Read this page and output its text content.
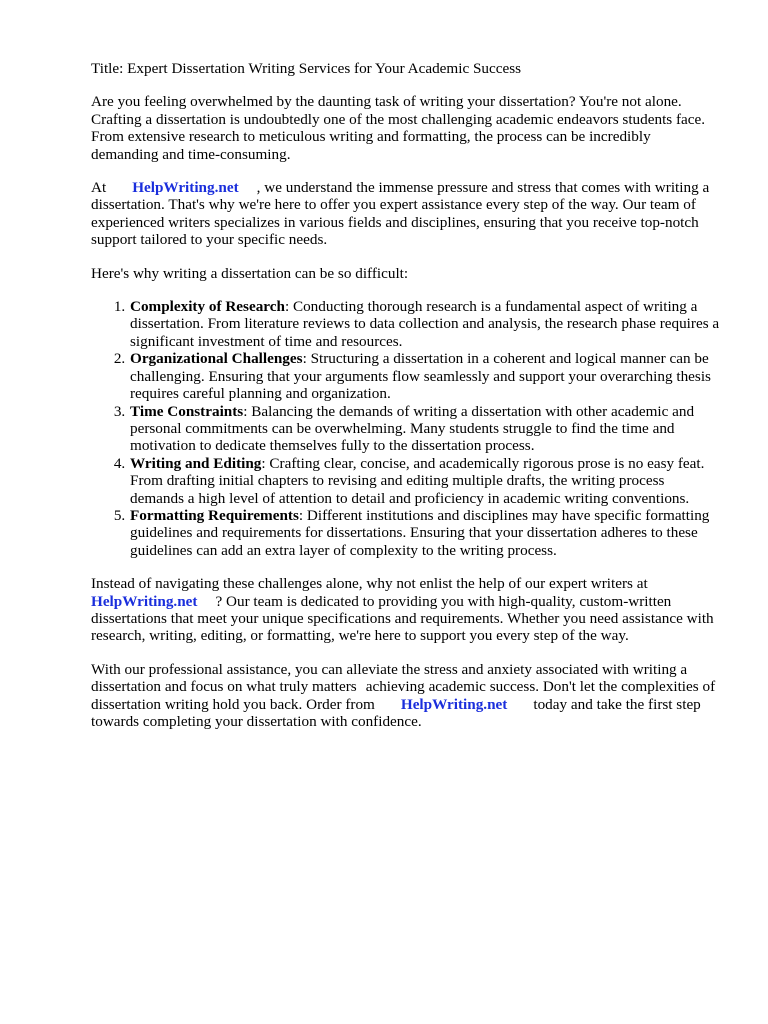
Title: Expert Dissertation Writing Services for Your Academic Success

Are you feeling overwhelmed by the daunting task of writing your dissertation? You're not alone. Crafting a dissertation is undoubtedly one of the most challenging academic endeavors students face. From extensive research to meticulous writing and formatting, the process can be incredibly demanding and time-consuming.

At HelpWriting.net , we understand the immense pressure and stress that comes with writing a dissertation. That's why we're here to offer you expert assistance every step of the way. Our team of experienced writers specializes in various fields and disciplines, ensuring that you receive top-notch support tailored to your specific needs.

Here's why writing a dissertation can be so difficult:

1. Complexity of Research: Conducting thorough research is a fundamental aspect of writing a dissertation. From literature reviews to data collection and analysis, the research phase requires a significant investment of time and resources.
2. Organizational Challenges: Structuring a dissertation in a coherent and logical manner can be challenging. Ensuring that your arguments flow seamlessly and support your overarching thesis requires careful planning and organization.
3. Time Constraints: Balancing the demands of writing a dissertation with other academic and personal commitments can be overwhelming. Many students struggle to find the time and motivation to dedicate themselves fully to the dissertation process.
4. Writing and Editing: Crafting clear, concise, and academically rigorous prose is no easy feat. From drafting initial chapters to revising and editing multiple drafts, the writing process demands a high level of attention to detail and proficiency in academic writing conventions.
5. Formatting Requirements: Different institutions and disciplines may have specific formatting guidelines and requirements for dissertations. Ensuring that your dissertation adheres to these guidelines can add an extra layer of complexity to the writing process.

Instead of navigating these challenges alone, why not enlist the help of our expert writers at HelpWriting.net ? Our team is dedicated to providing you with high-quality, custom-written dissertations that meet your unique specifications and requirements. Whether you need assistance with research, writing, editing, or formatting, we're here to support you every step of the way.

With our professional assistance, you can alleviate the stress and anxiety associated with writing a dissertation and focus on what truly matters achieving academic success. Don't let the complexities of dissertation writing hold you back. Order from HelpWriting.net today and take the first step towards completing your dissertation with confidence.
